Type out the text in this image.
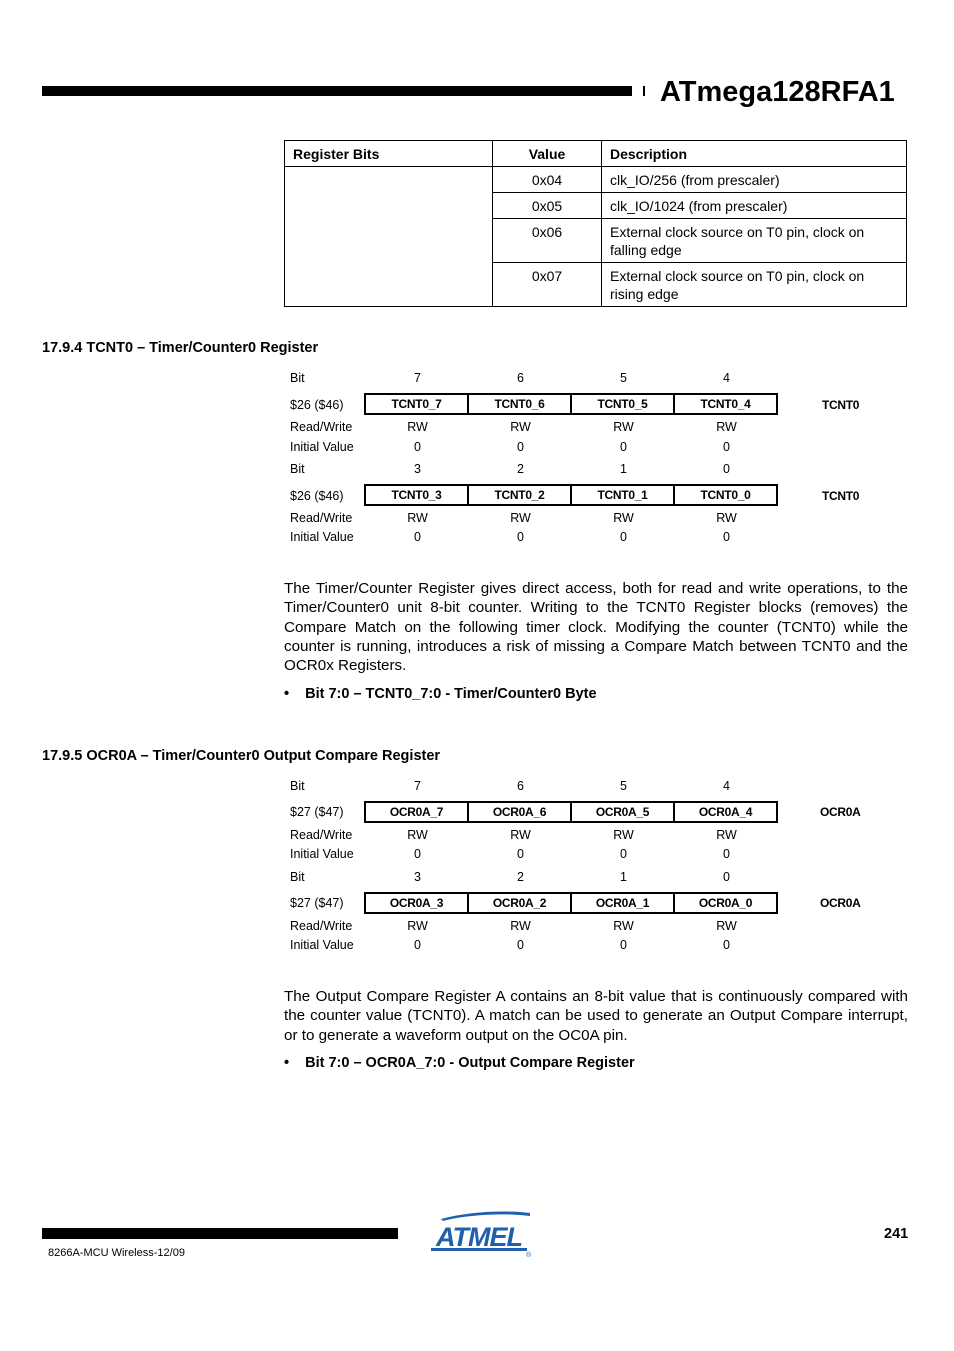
ATmega128RFA1
Register Bits	Value	Description
	0x04	clk_IO/256 (from prescaler)
	0x05	clk_IO/1024 (from prescaler)
	0x06	External clock source on T0 pin, clock on falling edge
	0x07	External clock source on T0 pin, clock on rising edge
17.9.4 TCNT0 – Timer/Counter0 Register
Bit	7	6	5	4
$26 ($46)	TCNT0_7	TCNT0_6	TCNT0_5	TCNT0_4	TCNT0
Read/Write	RW	RW	RW	RW
Initial Value	0	0	0	0
Bit	3	2	1	0
$26 ($46)	TCNT0_3	TCNT0_2	TCNT0_1	TCNT0_0	TCNT0
Read/Write	RW	RW	RW	RW
Initial Value	0	0	0	0
The Timer/Counter Register gives direct access, both for read and write operations, to the Timer/Counter0 unit 8-bit counter. Writing to the TCNT0 Register blocks (removes) the Compare Match on the following timer clock. Modifying the counter (TCNT0) while the counter is running, introduces a risk of missing a Compare Match between TCNT0 and the OCR0x Registers.
• Bit 7:0 – TCNT0_7:0 - Timer/Counter0 Byte
17.9.5 OCR0A – Timer/Counter0 Output Compare Register
Bit	7	6	5	4
$27 ($47)	OCR0A_7	OCR0A_6	OCR0A_5	OCR0A_4	OCR0A
Read/Write	RW	RW	RW	RW
Initial Value	0	0	0	0
Bit	3	2	1	0
$27 ($47)	OCR0A_3	OCR0A_2	OCR0A_1	OCR0A_0	OCR0A
Read/Write	RW	RW	RW	RW
Initial Value	0	0	0	0
The Output Compare Register A contains an 8-bit value that is continuously compared with the counter value (TCNT0). A match can be used to generate an Output Compare interrupt, or to generate a waveform output on the OC0A pin.
• Bit 7:0 – OCR0A_7:0 - Output Compare Register
ATMEL
®
241
8266A-MCU Wireless-12/09
